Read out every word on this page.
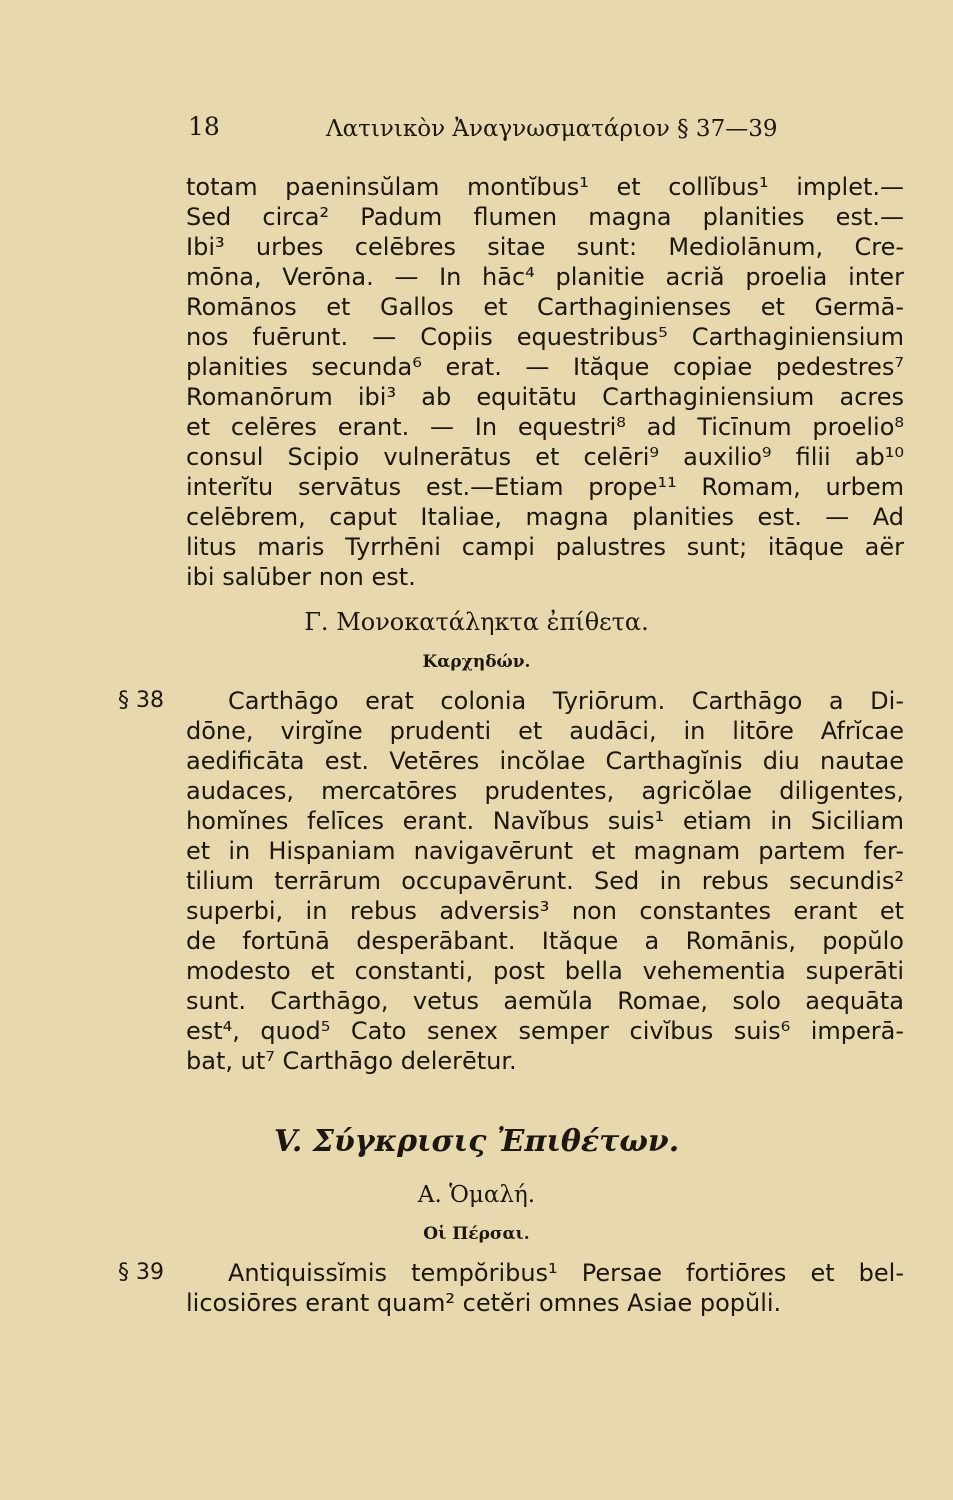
18	Λατινικὸν Ἀναγνωσματάριον § 37—39
totam paeninsŭlam montĭbus¹ et collĭbus¹ implet.—
Sed circa² Padum flumen magna planities est.—
Ibi³ urbes celēbres sitae sunt: Mediolānum, Cre-
mōna, Verōna. — In hāc⁴ planitie acriă proelia inter
Romānos et Gallos et Carthaginienses et Germā-
nos fuērunt. — Copiis equestribus⁵ Carthaginiensium
planities secunda⁶ erat. — Ităque copiae pedestres⁷
Romanōrum ibi³ ab equitātu Carthaginiensium acres
et celēres erant. — In equestri⁸ ad Ticīnum proelio⁸
consul Scipio vulnerātus et celēri⁹ auxilio⁹ filii ab¹⁰
interĭtu servātus est.—Etiam prope¹¹ Romam, urbem
celēbrem, caput Italiae, magna planities est. — Ad
litus maris Tyrrhēni campi palustres sunt; itāque aër
ibi salūber non est.
Γ. Μονοκατάληκτα ἐπίθετα.
Καρχηδών.
§ 38	Carthāgo erat colonia Tyriōrum. Carthāgo a Di-
dōne, virgĭne prudenti et audāci, in litōre Afrĭcae
aedificāta est. Vetēres incŏlae Carthagĭnis diu nautae
audaces, mercatōres prudentes, agricŏlae diligentes,
homĭnes felīces erant. Navĭbus suis¹ etiam in Siciliam
et in Hispaniam navigavērunt et magnam partem fer-
tilium terrārum occupavērunt. Sed in rebus secundis²
superbi, in rebus adversis³ non constantes erant et
de fortūnā desperābant. Ităque a Romānis, popŭlo
modesto et constanti, post bella vehementia superāti
sunt. Carthāgo, vetus aemŭla Romae, solo aequāta
est⁴, quod⁵ Cato senex semper civĭbus suis⁶ imperā-
bat, ut⁷ Carthāgo delerētur.
V. Σύγκρισις Ἐπιθέτων.
Α. Ὁμαλή.
Οἱ Πέρσαι.
§ 39	Antiquissĭmis tempŏribus¹ Persae fortiōres et bel-
licosiōres erant quam² cetĕri omnes Asiae popŭli.
